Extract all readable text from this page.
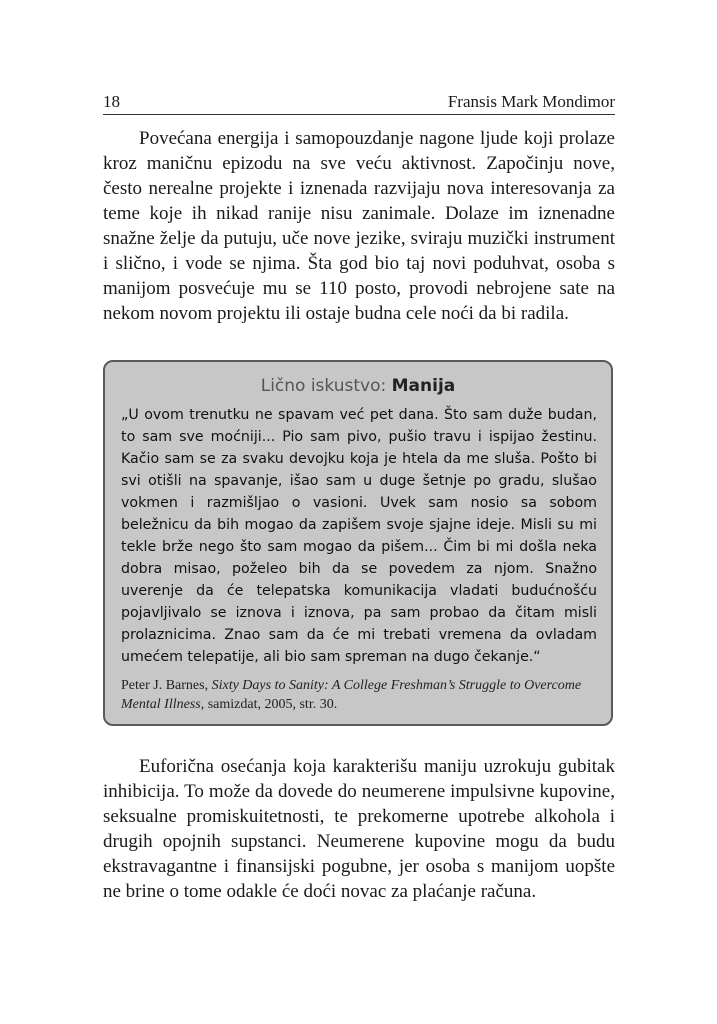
18	Fransis Mark Mondimor

Povećana energija i samopouzdanje nagone ljude koji prolaze kroz maničnu epizodu na sve veću aktivnost. Započinju nove, često nerealne projekte i iznenada razvijaju nova interesovanja za teme koje ih nikad ranije nisu zanimale. Dolaze im iznenadne snažne želje da putuju, uče nove jezike, sviraju muzički instrument i slično, i vode se njima. Šta god bio taj novi poduhvat, osoba s manijom posvećuje mu se 110 posto, provodi nebrojene sate na nekom novom projektu ili ostaje budna cele noći da bi radila.

Lično iskustvo: Manija

„U ovom trenutku ne spavam već pet dana. Što sam duže budan, to sam sve moćniji... Pio sam pivo, pušio travu i ispijao žestinu. Kačio sam se za svaku devojku koja je htela da me sluša. Pošto bi svi otišli na spavanje, išao sam u duge šetnje po gradu, slušao vokmen i razmišljao o vasioni. Uvek sam nosio sa sobom beležnicu da bih mogao da zapišem svoje sjajne ideje. Misli su mi tekle brže nego što sam mogao da pišem... Čim bi mi došla neka dobra misao, poželeo bih da se povedem za njom. Snažno uverenje da će telepatska komunikacija vladati budućnošću pojavljivalo se iznova i iznova, pa sam probao da čitam misli prolaznicima. Znao sam da će mi trebati vremena da ovladam umećem telepatije, ali bio sam spreman na dugo čekanje.“

Peter J. Barnes, Sixty Days to Sanity: A College Freshman’s Struggle to Overcome Mental Illness, samizdat, 2005, str. 30.

Euforična osećanja koja karakterišu maniju uzrokuju gubitak inhibicija. To može da dovede do neumerene impulsivne kupovine, seksualne promiskuitetnosti, te prekomerne upotrebe alkohola i drugih opojnih supstanci. Neumerene kupovine mogu da budu ekstravagantne i finansijski pogubne, jer osoba s manijom uopšte ne brine o tome odakle će doći novac za plaćanje računa.
